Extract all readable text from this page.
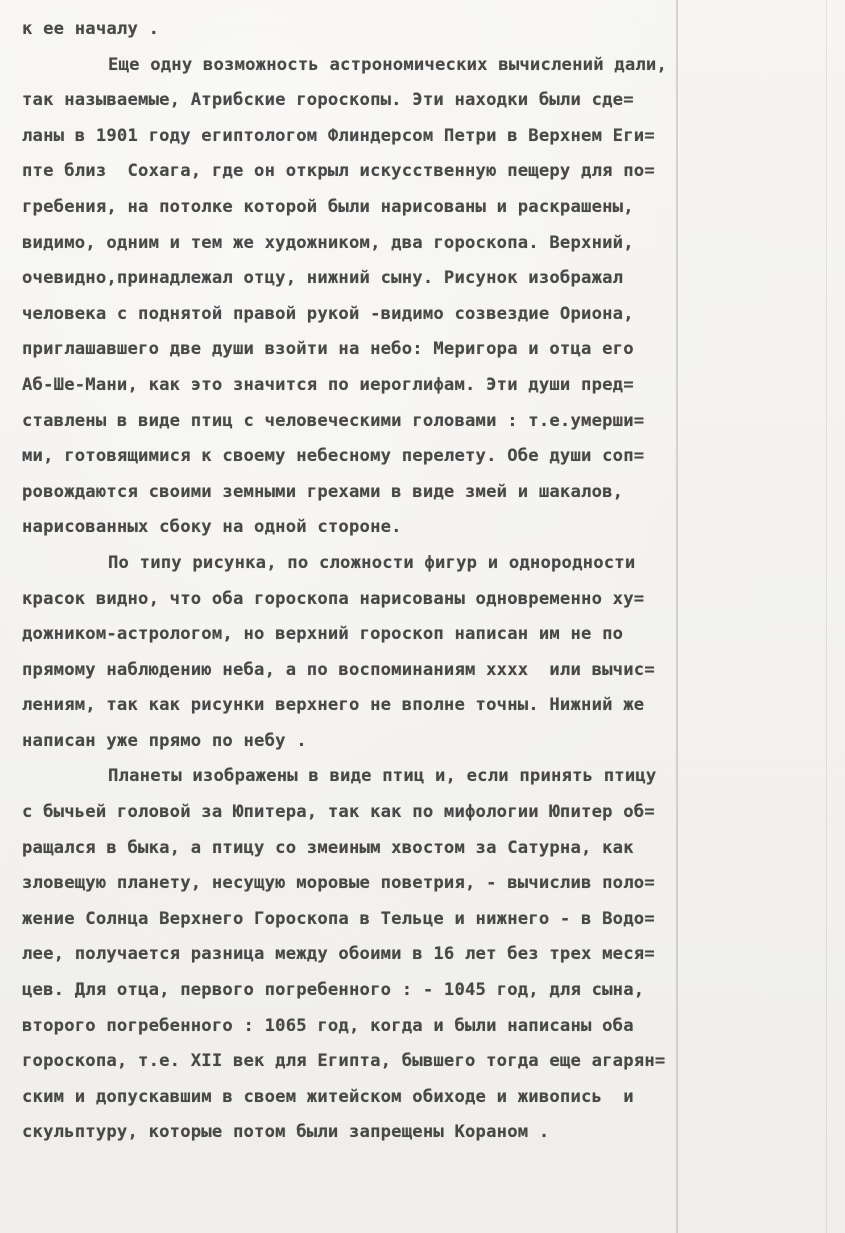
к ее началу .
Еще одну возможность астрономических вычислений дали,
так называемые, Атрибские гороскопы. Эти находки были сде=
ланы в 1901 году египтологом Флиндерсом Петри в Верхнем Еги=
пте близ  Сохага, где он открыл искусственную пещеру для по=
гребения, на потолке которой были нарисованы и раскрашены,
видимо, одним и тем же художником, два гороскопа. Верхний,
очевидно,принадлежал отцу, нижний сыну. Рисунок изображал
человека с поднятой правой рукой -видимо созвездие Ориона,
приглашавшего две души взойти на небо: Меригора и отца его
Аб-Ше-Мани, как это значится по иероглифам. Эти души пред=
ставлены в виде птиц с человеческими головами : т.е.умерши=
ми, готовящимися к своему небесному перелету. Обе души соп=
ровождаются своими земными грехами в виде змей и шакалов,
нарисованных сбоку на одной стороне.
По типу рисунка, по сложности фигур и однородности
красок видно, что оба гороскопа нарисованы одновременно ху=
дожником-астрологом, но верхний гороскоп написан им не по
прямому наблюдению неба, а по воспоминаниям xxxx  или вычис=
лениям, так как рисунки верхнего не вполне точны. Нижний же
написан уже прямо по небу .
Планеты изображены в виде птиц и, если принять птицу
с бычьей головой за Юпитера, так как по мифологии Юпитер об=
ращался в быка, а птицу со змеиным хвостом за Сатурна, как
зловещую планету, несущую моровые поветрия, - вычислив поло=
жение Солнца Верхнего Гороскопа в Тельце и нижнего - в Водо=
лее, получается разница между обоими в 16 лет без трех меся=
цев. Для отца, первого погребенного : - 1045 год, для сына,
второго погребенного : 1065 год, когда и были написаны оба
гороскопа, т.е. XII век для Египта, бывшего тогда еще агарян=
ским и допускавшим в своем житейском обиходе и живопись  и
скульптуру, которые потом были запрещены Кораном .
